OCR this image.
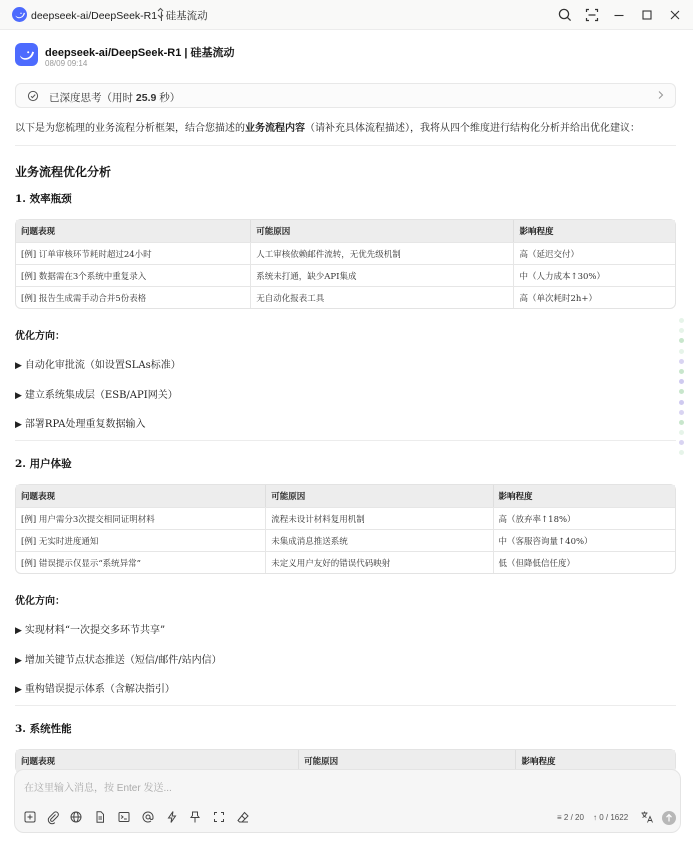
deepseek-ai/DeepSeek-R1 | 硅基流动
deepseek-ai/DeepSeek-R1 | 硅基流动
08/09 09:14
已深度思考（用时 25.9 秒）
以下是为您梳理的业务流程分析框架，结合您描述的业务流程内容（请补充具体流程描述），我将从四个维度进行结构化分析并给出优化建议：
业务流程优化分析
1. 效率瓶颈
问题表现	可能原因	影响程度
[例] 订单审核环节耗时超过24小时	人工审核依赖邮件流转，无优先级机制	高（延迟交付）
[例] 数据需在3个系统中重复录入	系统未打通，缺少API集成	中（人力成本↑30%）
[例] 报告生成需手动合并5份表格	无自动化报表工具	高（单次耗时2h+）
优化方向：
▶ 自动化审批流（如设置SLAs标准）
▶ 建立系统集成层（ESB/API网关）
▶ 部署RPA处理重复数据输入
2. 用户体验
问题表现	可能原因	影响程度
[例] 用户需分3次提交相同证明材料	流程未设计材料复用机制	高（放弃率↑18%）
[例] 无实时进度通知	未集成消息推送系统	中（客服咨询量↑40%）
[例] 错误提示仅显示“系统异常”	未定义用户友好的错误代码映射	低（但降低信任度）
优化方向：
▶ 实现材料“一次提交多环节共享”
▶ 增加关键节点状态推送（短信/邮件/站内信）
▶ 重构错误提示体系（含解决指引）
3. 系统性能
问题表现	可能原因	影响程度
在这里输入消息，按 Enter 发送...
≡ 2 / 20 ↑ 0 / 1622
